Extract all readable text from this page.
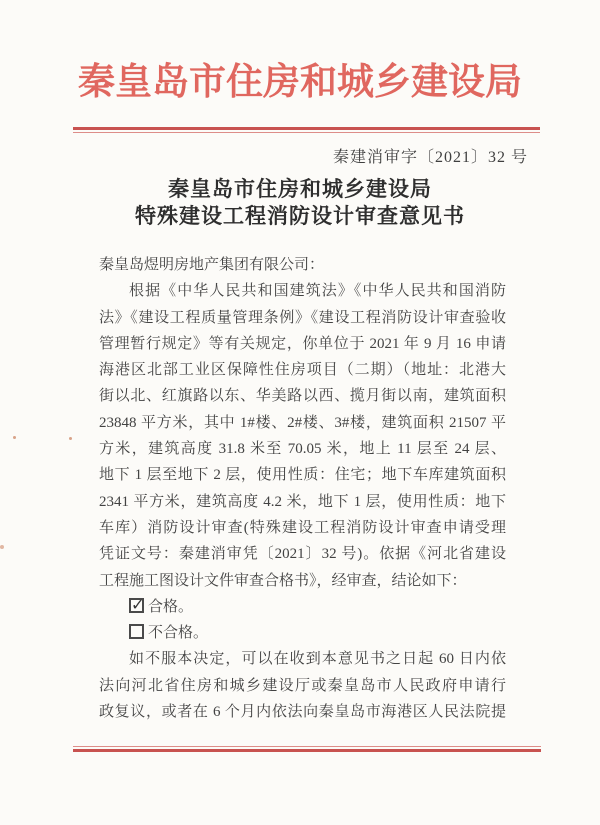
秦皇岛市住房和城乡建设局
秦建消审字〔2021〕32 号
秦皇岛市住房和城乡建设局
特殊建设工程消防设计审查意见书
秦皇岛煜明房地产集团有限公司：
根据《中华人民共和国建筑法》《中华人民共和国消防
法》《建设工程质量管理条例》《建设工程消防设计审查验收
管理暂行规定》等有关规定，你单位于 2021 年 9 月 16 申请
海港区北部工业区保障性住房项目（二期）（地址：北港大
街以北、红旗路以东、华美路以西、揽月街以南，建筑面积
23848 平方米，其中 1#楼、2#楼、3#楼，建筑面积 21507 平
方米，建筑高度 31.8 米至 70.05 米，地上 11 层至 24 层、
地下 1 层至地下 2 层，使用性质：住宅；地下车库建筑面积
2341 平方米，建筑高度 4.2 米，地下 1 层，使用性质：地下
车库）消防设计审查(特殊建设工程消防设计审查申请受理
凭证文号：秦建消审凭〔2021〕32 号)。依据《河北省建设
工程施工图设计文件审查合格书》，经审查，结论如下：
✓ 合格。
不合格。
如不服本决定，可以在收到本意见书之日起 60 日内依
法向河北省住房和城乡建设厅或秦皇岛市人民政府申请行
政复议，或者在 6 个月内依法向秦皇岛市海港区人民法院提
